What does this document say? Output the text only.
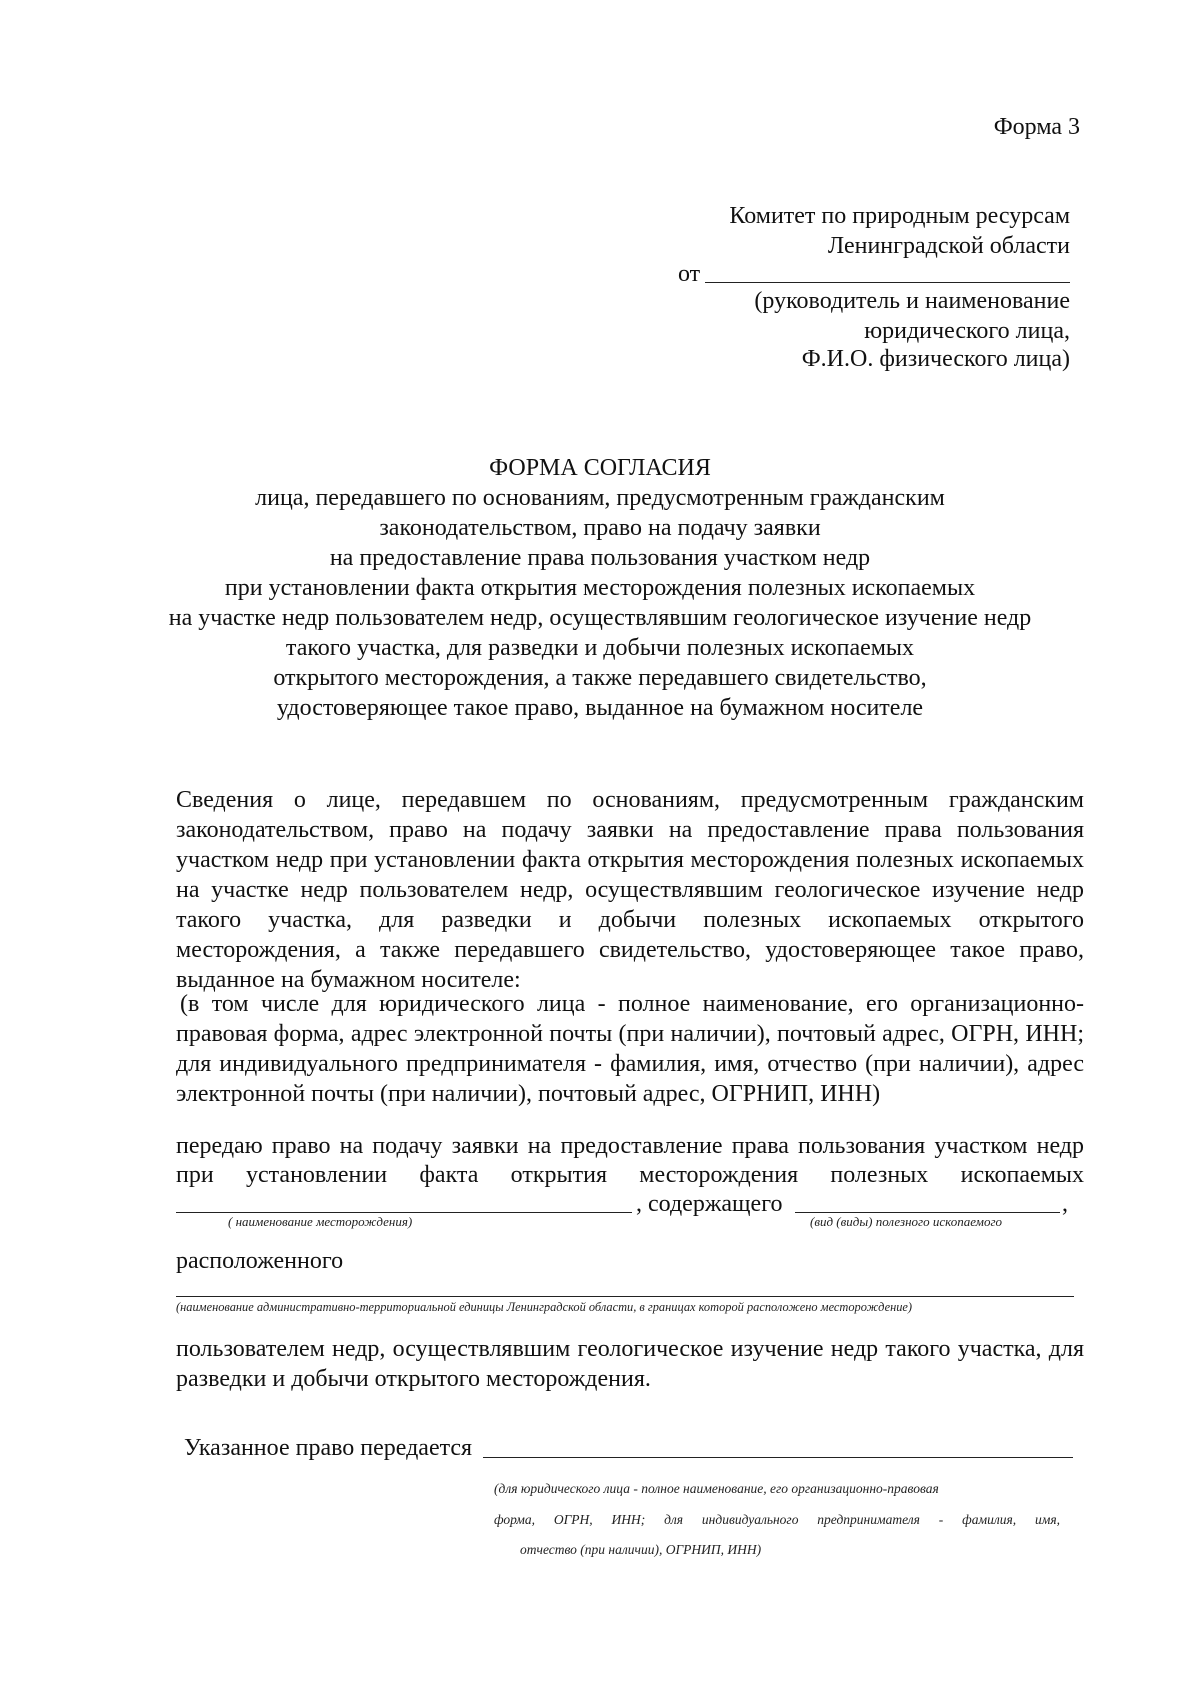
Форма 3
Комитет по природным ресурсам
Ленинградской области
от
(руководитель и наименование
юридического лица,
Ф.И.О. физического лица)
ФОРМА СОГЛАСИЯ
лица, передавшего по основаниям, предусмотренным гражданским
законодательством, право на подачу заявки
на предоставление права пользования участком недр
при установлении факта открытия месторождения полезных ископаемых
на участке недр пользователем недр, осуществлявшим геологическое изучение недр
такого участка, для разведки и добычи полезных ископаемых
открытого месторождения, а также передавшего свидетельство,
удостоверяющее такое право, выданное на бумажном носителе
Сведения о лице, передавшем по основаниям, предусмотренным гражданским законодательством, право на подачу заявки на предоставление права пользования участком недр при установлении факта открытия месторождения полезных ископаемых на участке недр пользователем недр, осуществлявшим геологическое изучение недр такого участка, для разведки и добычи полезных ископаемых открытого месторождения, а также передавшего свидетельство, удостоверяющее такое право, выданное на бумажном носителе:
(в том числе для юридического лица - полное наименование, его организационно-правовая форма, адрес электронной почты (при наличии), почтовый адрес, ОГРН, ИНН; для индивидуального предпринимателя - фамилия, имя, отчество (при наличии), адрес электронной почты (при наличии), почтовый адрес, ОГРНИП, ИНН)
передаю право на подачу заявки на предоставление права пользования участком недр
при установлении факта открытия месторождения полезных ископаемых
, содержащего	,
( наименование месторождения)	(вид (виды) полезного ископаемого
расположенного
(наименование административно-территориальной единицы Ленинградской области, в границах которой расположено месторождение)
пользователем недр, осуществлявшим геологическое изучение недр такого участка, для разведки и добычи открытого месторождения.
Указанное право передается
(для юридического лица - полное наименование, его организационно-правовая
форма, ОГРН, ИНН; для индивидуального предпринимателя - фамилия, имя,
отчество (при наличии), ОГРНИП, ИНН)
